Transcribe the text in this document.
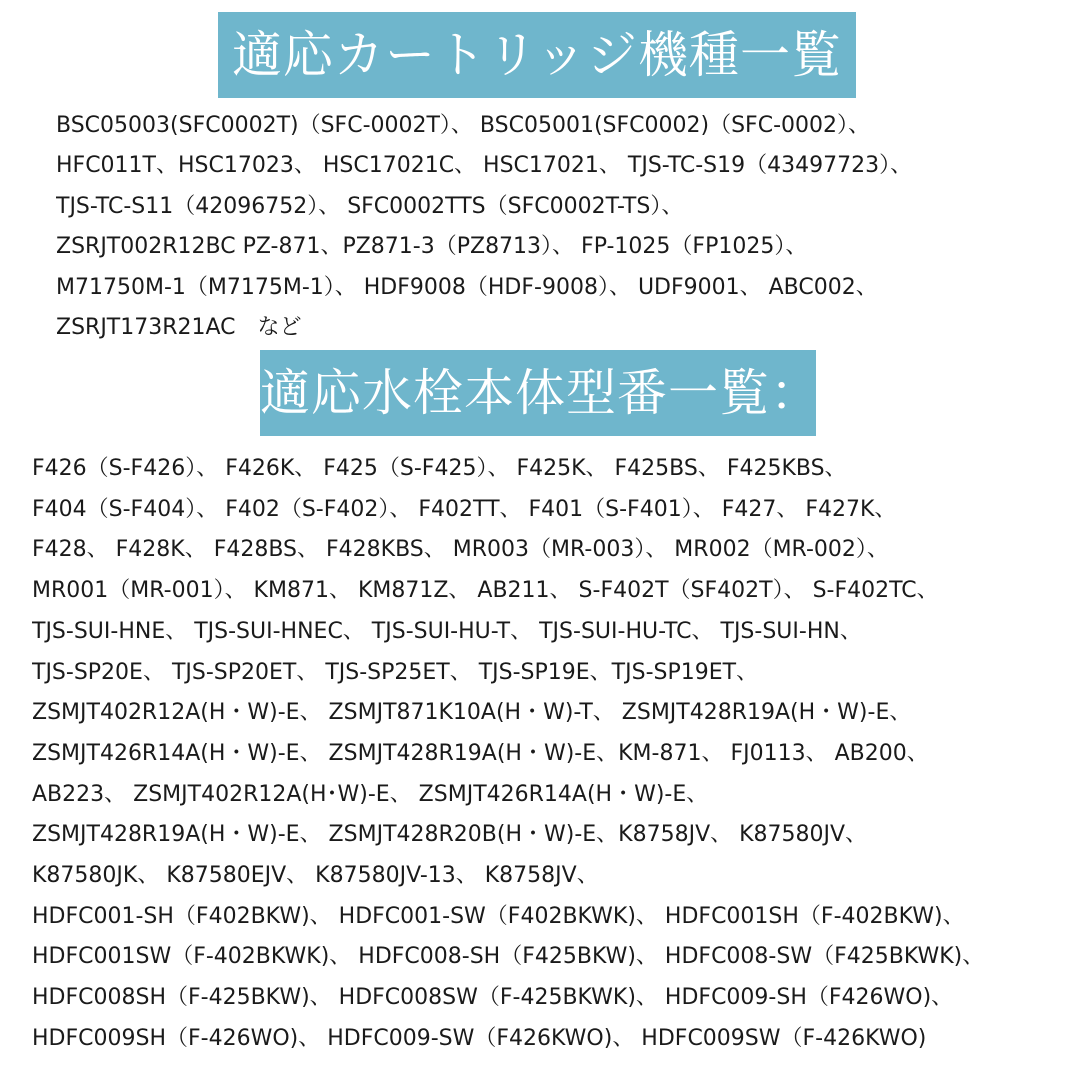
適応カートリッジ機種一覧
BSC05003(SFC0002T)（SFC-0002T）、 BSC05001(SFC0002)（SFC-0002）、
HFC011T、HSC17023、 HSC17021C、 HSC17021、 TJS-TC-S19（43497723）、
TJS-TC-S11（42096752）、 SFC0002TTS（SFC0002T-TS）、
ZSRJT002R12BC PZ-871、PZ871-3（PZ8713）、 FP-1025（FP1025）、
M71750M-1（M7175M-1）、 HDF9008（HDF-9008）、 UDF9001、 ABC002、
ZSRJT173R21AC　など
適応水栓本体型番一覧：
F426（S-F426）、 F426K、 F425（S-F425）、 F425K、 F425BS、 F425KBS、
F404（S-F404）、 F402（S-F402）、 F402TT、 F401（S-F401）、 F427、 F427K、
F428、 F428K、 F428BS、 F428KBS、 MR003（MR-003）、 MR002（MR-002）、
MR001（MR-001）、 KM871、 KM871Z、 AB211、 S-F402T（SF402T）、 S-F402TC、
TJS-SUI-HNE、 TJS-SUI-HNEC、 TJS-SUI-HU-T、 TJS-SUI-HU-TC、 TJS-SUI-HN、
TJS-SP20E、 TJS-SP20ET、 TJS-SP25ET、 TJS-SP19E、TJS-SP19ET、
ZSMJT402R12A(H・W)-E、 ZSMJT871K10A(H・W)-T、 ZSMJT428R19A(H・W)-E、
ZSMJT426R14A(H・W)-E、 ZSMJT428R19A(H・W)-E、KM-871、 FJ0113、 AB200、
AB223、 ZSMJT402R12A(H･W)-E、 ZSMJT426R14A(H・W)-E、
ZSMJT428R19A(H・W)-E、 ZSMJT428R20B(H・W)-E、K8758JV、 K87580JV、
K87580JK、 K87580EJV、 K87580JV-13、 K8758JV、
HDFC001-SH（F402BKW)、 HDFC001-SW（F402BKWK)、 HDFC001SH（F-402BKW)、
HDFC001SW（F-402BKWK)、 HDFC008-SH（F425BKW)、 HDFC008-SW（F425BKWK)、
HDFC008SH（F-425BKW)、 HDFC008SW（F-425BKWK)、 HDFC009-SH（F426WO)、
HDFC009SH（F-426WO)、 HDFC009-SW（F426KWO)、 HDFC009SW（F-426KWO)
